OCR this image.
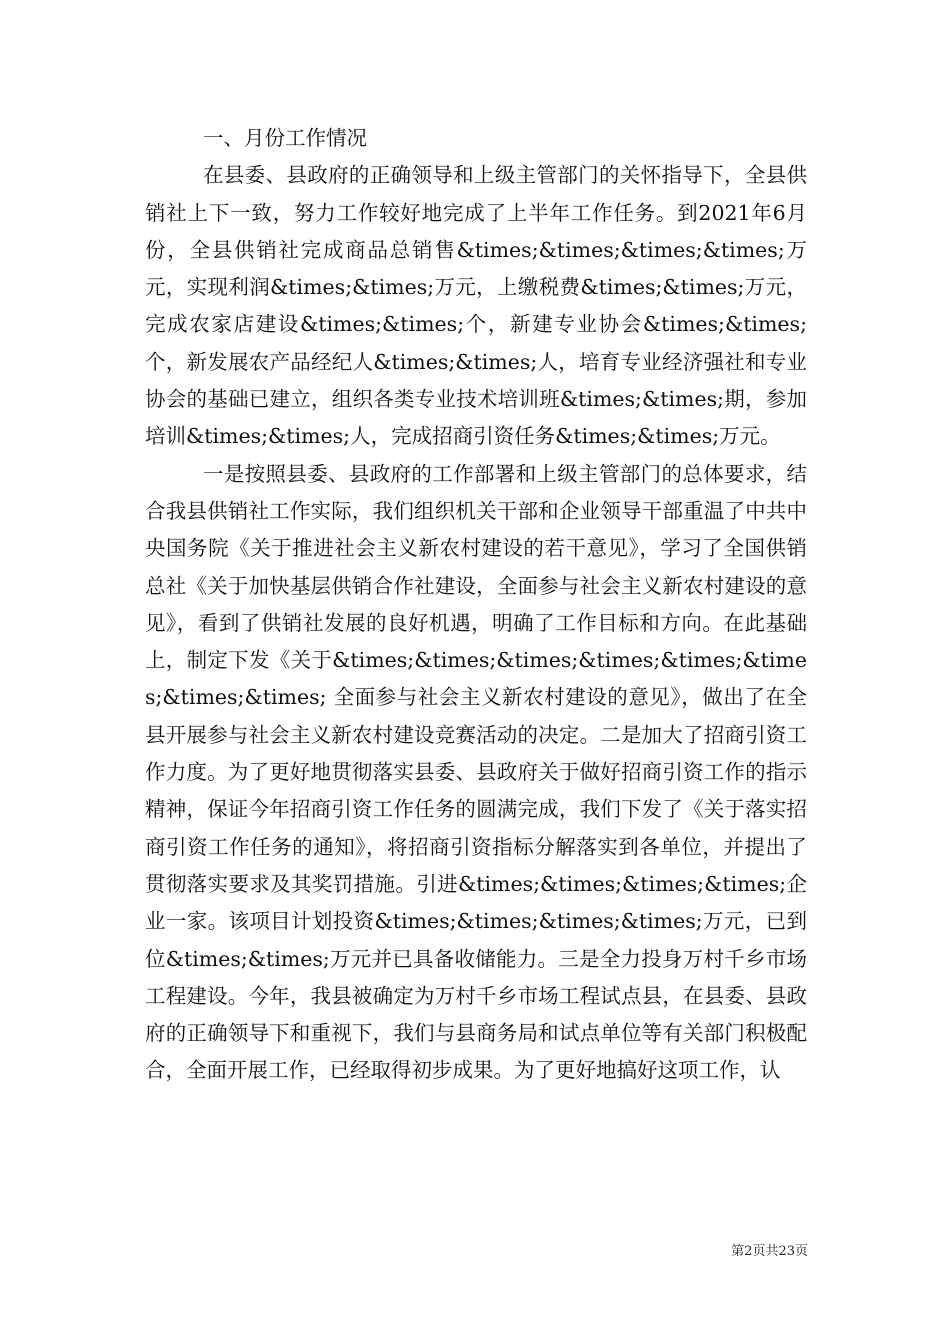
一、月份工作情况

在县委、县政府的正确领导和上级主管部门的关怀指导下，全县供销社上下一致，努力工作较好地完成了上半年工作任务。到2021年6月份，全县供销社完成商品总销售&times;&times;&times;&times;万元，实现利润&times;&times;万元，上缴税费&times;&times;万元，完成农家店建设&times;&times;个，新建专业协会&times;&times;个，新发展农产品经纪人&times;&times;人，培育专业经济强社和专业协会的基础已建立，组织各类专业技术培训班&times;&times;期，参加培训&times;&times;人，完成招商引资任务&times;&times;万元。

一是按照县委、县政府的工作部署和上级主管部门的总体要求，结合我县供销社工作实际，我们组织机关干部和企业领导干部重温了中共中央国务院《关于推进社会主义新农村建设的若干意见》，学习了全国供销总社《关于加快基层供销合作社建设，全面参与社会主义新农村建设的意见》，看到了供销社发展的良好机遇，明确了工作目标和方向。在此基础上，制定下发《关于&times;&times;&times;&times;&times;&times;&times;&times; 全面参与社会主义新农村建设的意见》，做出了在全县开展参与社会主义新农村建设竞赛活动的决定。二是加大了招商引资工作力度。为了更好地贯彻落实县委、县政府关于做好招商引资工作的指示精神，保证今年招商引资工作任务的圆满完成，我们下发了《关于落实招商引资工作任务的通知》，将招商引资指标分解落实到各单位，并提出了贯彻落实要求及其奖罚措施。引进&times;&times;&times;&times;企业一家。该项目计划投资&times;&times;&times;&times;万元，已到位&times;&times;万元并已具备收储能力。三是全力投身万村千乡市场工程建设。今年，我县被确定为万村千乡市场工程试点县，在县委、县政府的正确领导下和重视下，我们与县商务局和试点单位等有关部门积极配合，全面开展工作，已经取得初步成果。为了更好地搞好这项工作，认

第2页共23页
